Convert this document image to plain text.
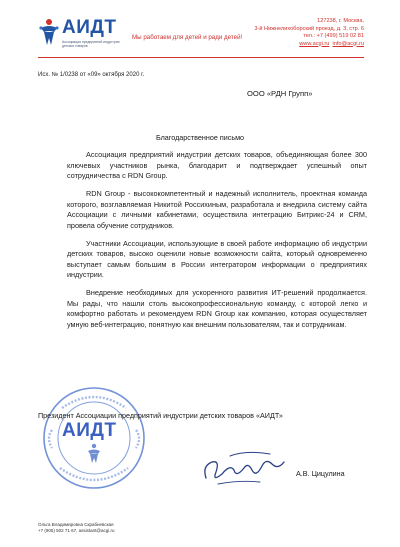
АИДТ
Ассоциация предприятий индустрии детских товаров
Мы работаем для детей и ради детей!
127238, г. Москва,
3-й Нижнелихоборский проезд, д. 3, стр. 6
тел.: +7 (499) 519 02 81
www.acgi.ru info@acgi.ru
Исх. № 1/0238 от «09» октября 2020 г.
ООО «РДН Групп»
Благодарственное письмо

Ассоциация предприятий индустрии детских товаров, объединяющая более 300 ключевых участников рынка, благодарит и подтверждает успешный опыт сотрудничества с RDN Group.

RDN Group - высококомпетентный и надежный исполнитель, проектная команда которого, возглавляемая Никитой Россихиным, разработала и внедрила систему сайта Ассоциации с личными кабинетами, осуществила интеграцию Битрикс-24 и CRM, провела обучение сотрудников.

Участники Ассоциации, использующие в своей работе информацию об индустрии детских товаров, высоко оценили новые возможности сайта, который одновременно выступает самым большим в России интегратором информации о предприятиях индустрии.

Внедрение необходимых для ускоренного развития ИТ-решений продолжается. Мы рады, что нашли столь высокопрофессиональную команду, с которой легко и комфортно работать и рекомендуем RDN Group как компанию, которая осуществляет умную веб-интеграцию, понятную как внешним пользователям, так и сотрудникам.

АИДТ
Президент Ассоциации предприятий индустрии детских товаров «АИДТ»
А.В. Цицулина
Ольга Владимировна Скрабневская
+7 (905) 502 71 67, assistant@acgi.ru
